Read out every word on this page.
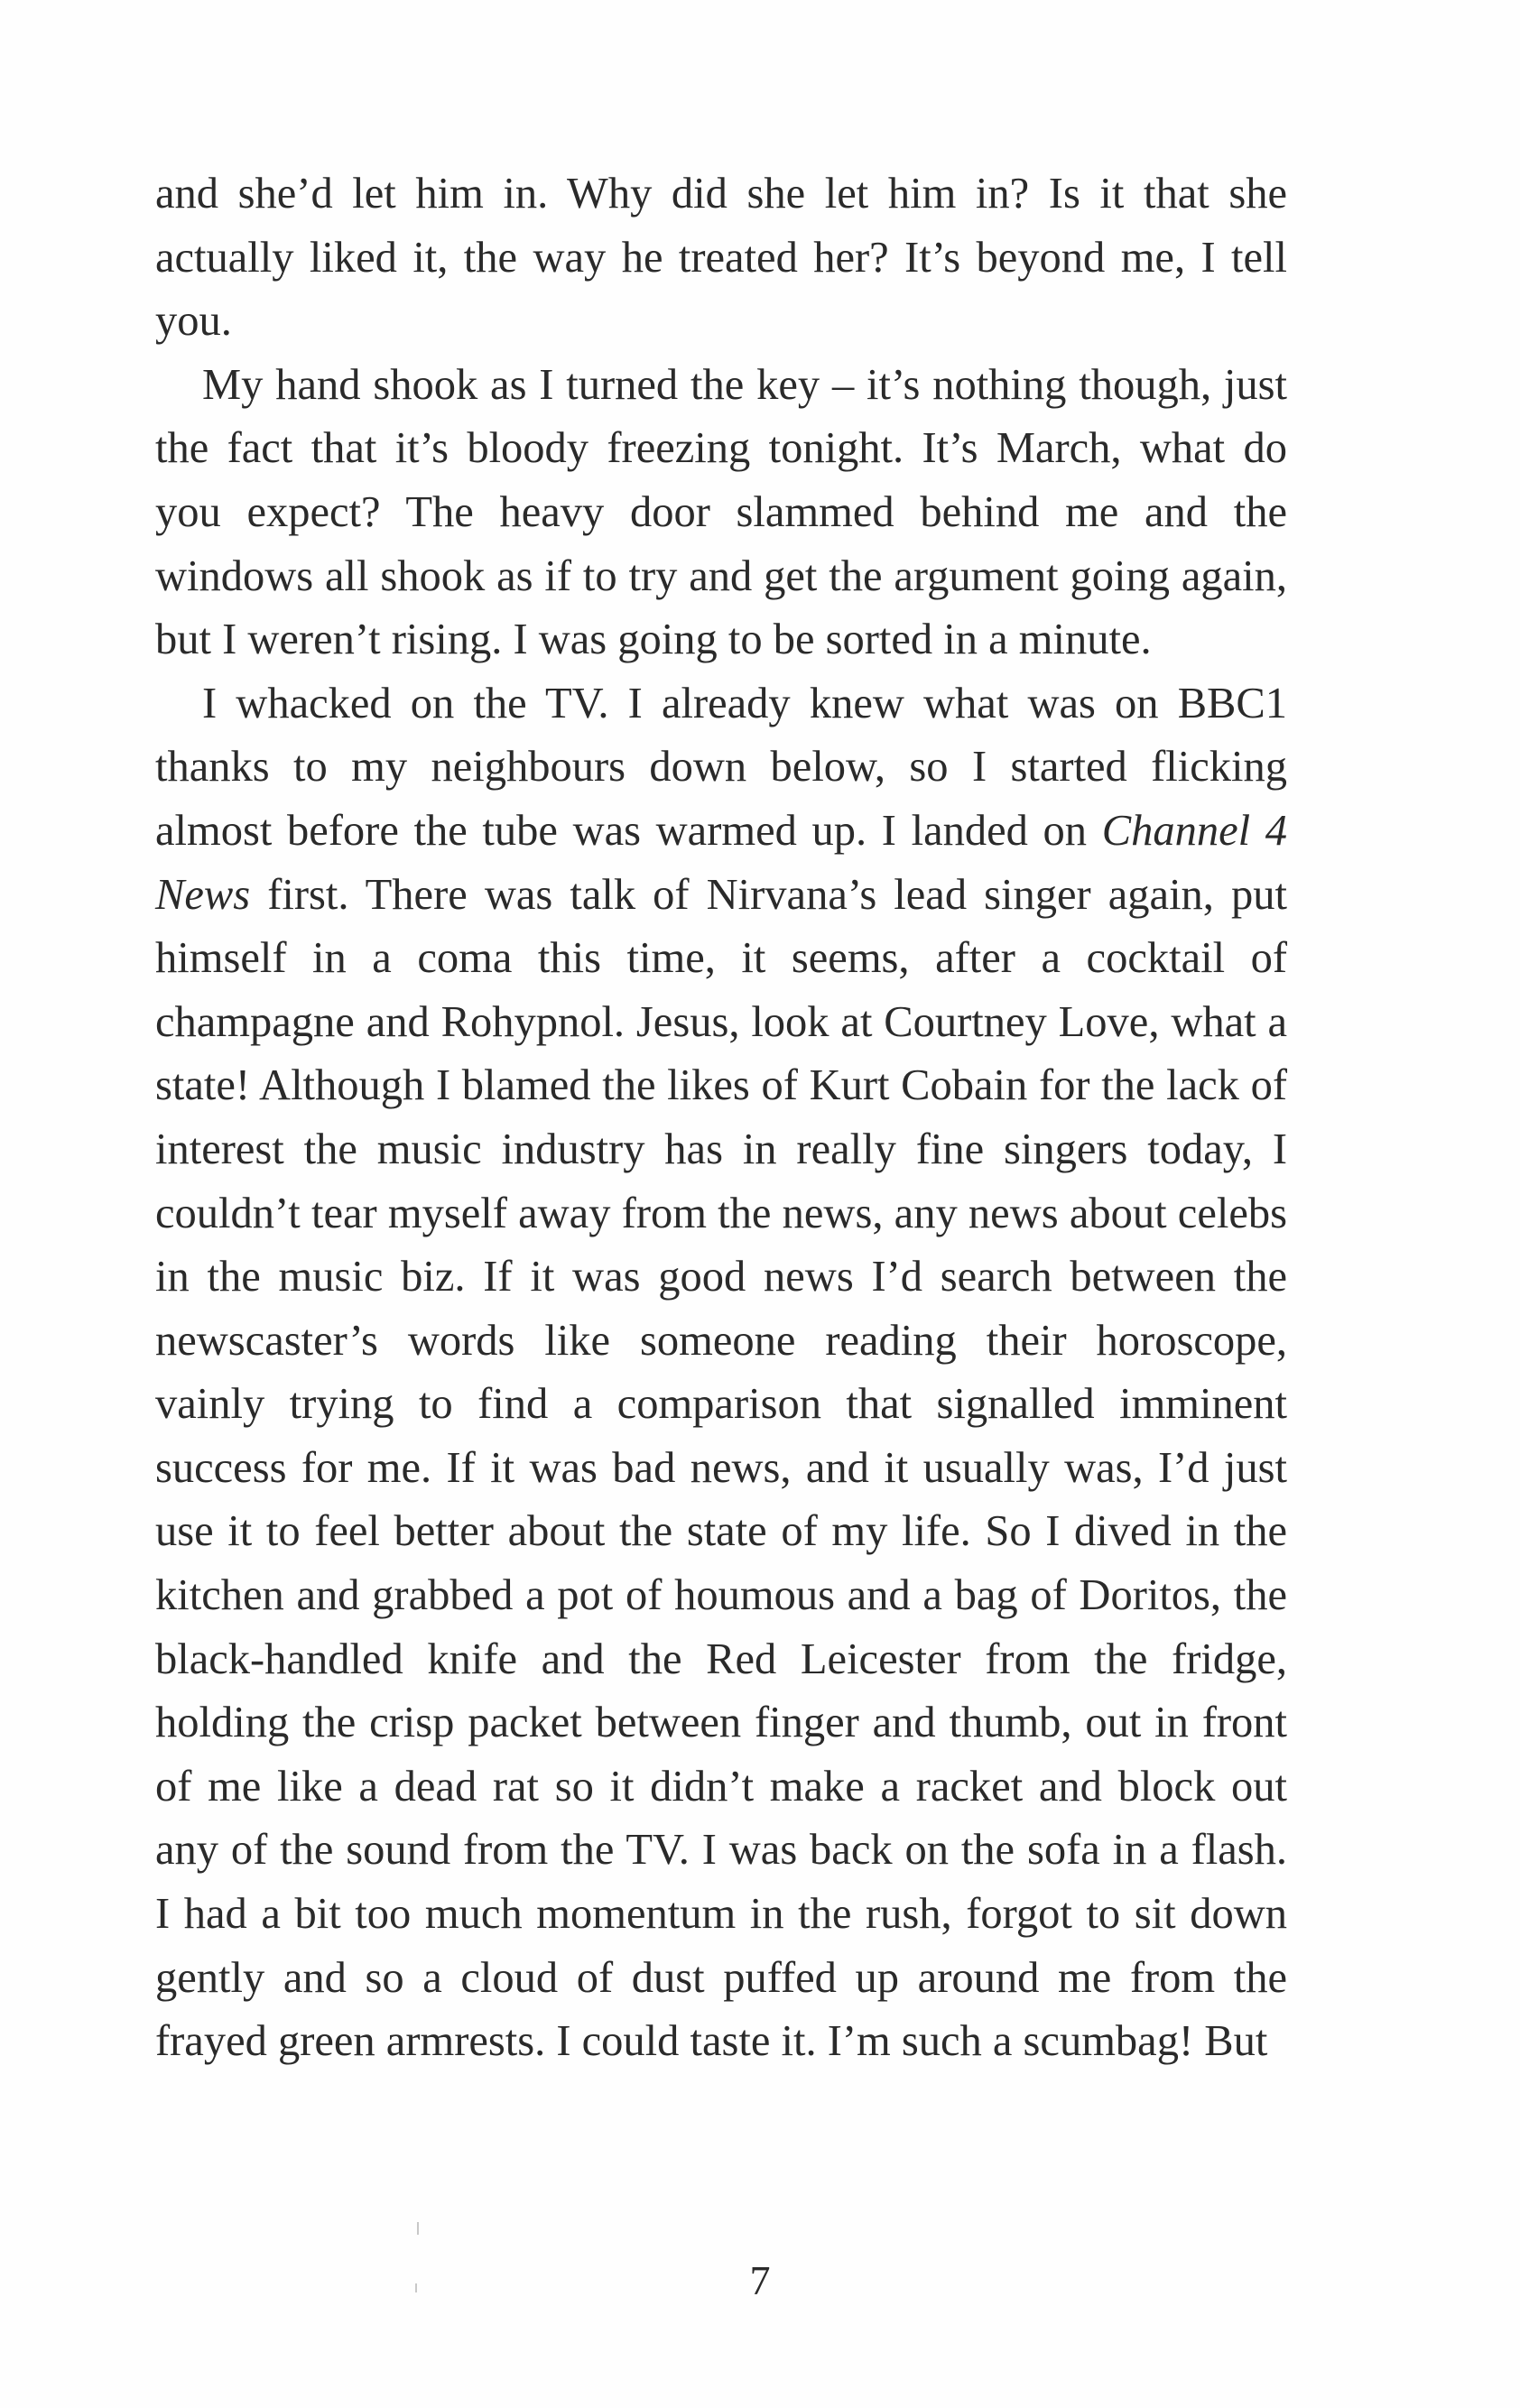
and she’d let him in. Why did she let him in? Is it that she actually liked it, the way he treated her? It’s beyond me, I tell you.

My hand shook as I turned the key – it’s nothing though, just the fact that it’s bloody freezing tonight. It’s March, what do you expect? The heavy door slammed behind me and the windows all shook as if to try and get the argument going again, but I weren’t rising. I was going to be sorted in a minute.

I whacked on the TV. I already knew what was on BBC1 thanks to my neighbours down below, so I started flicking almost before the tube was warmed up. I landed on Channel 4 News first. There was talk of Nirvana’s lead singer again, put himself in a coma this time, it seems, after a cocktail of champagne and Rohypnol. Jesus, look at Courtney Love, what a state! Although I blamed the likes of Kurt Cobain for the lack of interest the music industry has in really fine singers today, I couldn’t tear myself away from the news, any news about celebs in the music biz. If it was good news I’d search between the newscaster’s words like someone reading their horoscope, vainly trying to find a comparison that signalled imminent success for me. If it was bad news, and it usually was, I’d just use it to feel better about the state of my life. So I dived in the kitchen and grabbed a pot of houmous and a bag of Doritos, the black-handled knife and the Red Leicester from the fridge, holding the crisp packet between finger and thumb, out in front of me like a dead rat so it didn’t make a racket and block out any of the sound from the TV. I was back on the sofa in a flash. I had a bit too much momentum in the rush, forgot to sit down gently and so a cloud of dust puffed up around me from the frayed green armrests. I could taste it. I’m such a scumbag! But

7
